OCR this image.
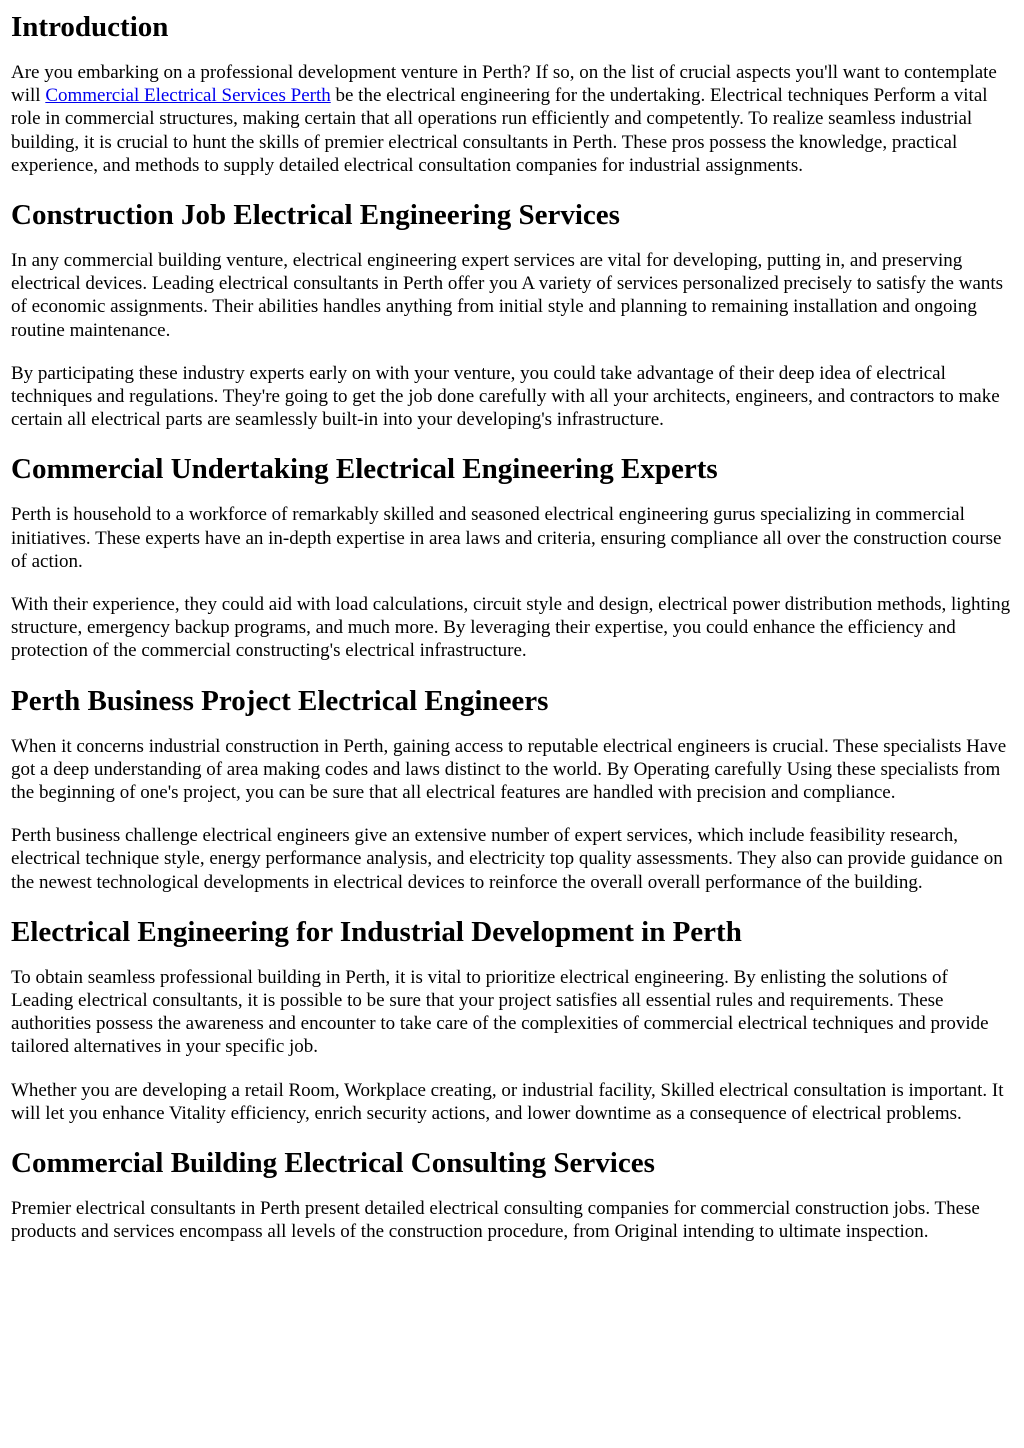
Introduction

Are you embarking on a professional development venture in Perth? If so, on the list of crucial aspects you'll want to contemplate will Commercial Electrical Services Perth be the electrical engineering for the undertaking. Electrical techniques Perform a vital role in commercial structures, making certain that all operations run efficiently and competently. To realize seamless industrial building, it is crucial to hunt the skills of premier electrical consultants in Perth. These pros possess the knowledge, practical experience, and methods to supply detailed electrical consultation companies for industrial assignments.

Construction Job Electrical Engineering Services

In any commercial building venture, electrical engineering expert services are vital for developing, putting in, and preserving electrical devices. Leading electrical consultants in Perth offer you A variety of services personalized precisely to satisfy the wants of economic assignments. Their abilities handles anything from initial style and planning to remaining installation and ongoing routine maintenance.

By participating these industry experts early on with your venture, you could take advantage of their deep idea of electrical techniques and regulations. They're going to get the job done carefully with all your architects, engineers, and contractors to make certain all electrical parts are seamlessly built-in into your developing's infrastructure.

Commercial Undertaking Electrical Engineering Experts

Perth is household to a workforce of remarkably skilled and seasoned electrical engineering gurus specializing in commercial initiatives. These experts have an in-depth expertise in area laws and criteria, ensuring compliance all over the construction course of action.

With their experience, they could aid with load calculations, circuit style and design, electrical power distribution methods, lighting structure, emergency backup programs, and much more. By leveraging their expertise, you could enhance the efficiency and protection of the commercial constructing's electrical infrastructure.

Perth Business Project Electrical Engineers

When it concerns industrial construction in Perth, gaining access to reputable electrical engineers is crucial. These specialists Have got a deep understanding of area making codes and laws distinct to the world. By Operating carefully Using these specialists from the beginning of one's project, you can be sure that all electrical features are handled with precision and compliance.

Perth business challenge electrical engineers give an extensive number of expert services, which include feasibility research, electrical technique style, energy performance analysis, and electricity top quality assessments. They also can provide guidance on the newest technological developments in electrical devices to reinforce the overall overall performance of the building.

Electrical Engineering for Industrial Development in Perth

To obtain seamless professional building in Perth, it is vital to prioritize electrical engineering. By enlisting the solutions of Leading electrical consultants, it is possible to be sure that your project satisfies all essential rules and requirements. These authorities possess the awareness and encounter to take care of the complexities of commercial electrical techniques and provide tailored alternatives in your specific job.

Whether you are developing a retail Room, Workplace creating, or industrial facility, Skilled electrical consultation is important. It will let you enhance Vitality efficiency, enrich security actions, and lower downtime as a consequence of electrical problems.

Commercial Building Electrical Consulting Services

Premier electrical consultants in Perth present detailed electrical consulting companies for commercial construction jobs. These products and services encompass all levels of the construction procedure, from Original intending to ultimate inspection.
